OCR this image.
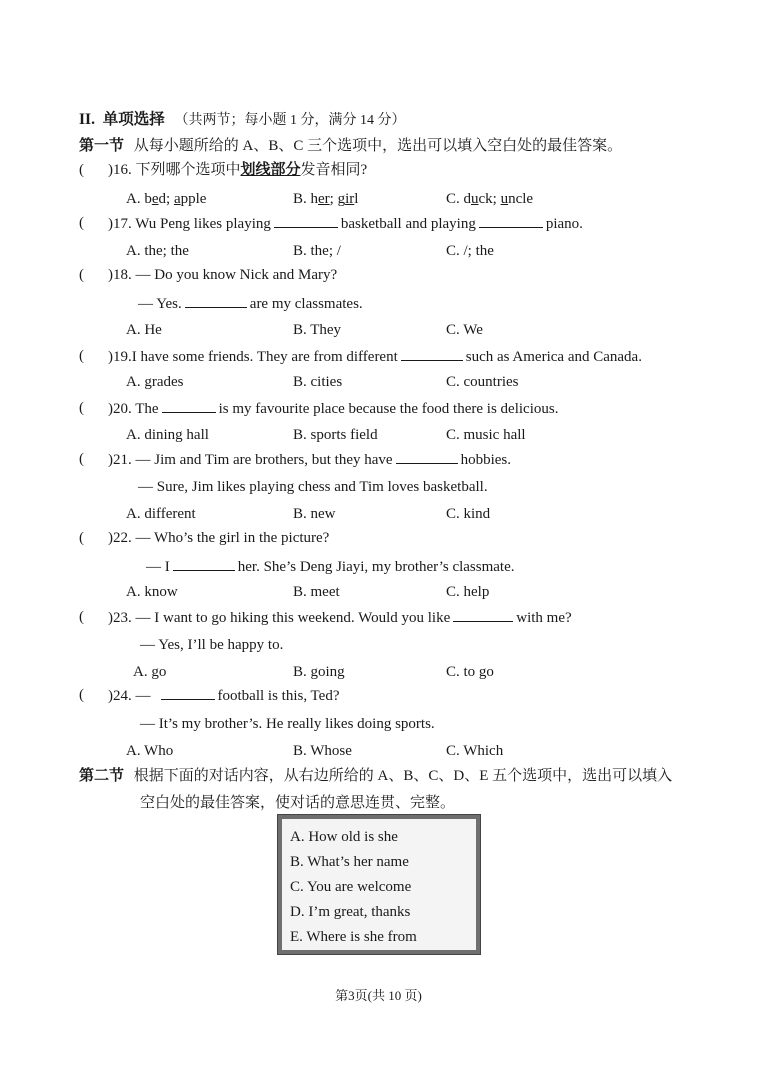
II. 单项选择 （共两节；每小题 1 分，满分 14 分）
第一节 从每小题所给的 A、B、C 三个选项中，选出可以填入空白处的最佳答案。
( )16. 下列哪个选项中划线部分发音相同?
A. bed; apple	B. her; girl	C. duck; uncle
( )17. Wu Peng likes playing	basketball and playing	piano.
A. the; the	B. the; /	C. /; the
( )18. — Do you know Nick and Mary?
— Yes.	are my classmates.
A. He	B. They	C. We
( )19.I have some friends. They are from different	such as America and Canada.
A. grades	B. cities	C. countries
( )20. The	is my favourite place because the food there is delicious.
A. dining hall	B. sports field	C. music hall
( )21. — Jim and Tim are brothers, but they have	hobbies.
— Sure, Jim likes playing chess and Tim loves basketball.
A. different	B. new	C. kind
( )22. — Who’s the girl in the picture?
— I	her. She’s Deng Jiayi, my brother’s classmate.
A. know	B. meet	C. help
( )23. — I want to go hiking this weekend. Would you like	with me?
— Yes, I’ll be happy to.
A. go	B. going	C. to go
( )24. —	football is this, Ted?
— It’s my brother’s. He really likes doing sports.
A. Who	B. Whose	C. Which
第二节 根据下面的对话内容，从右边所给的 A、B、C、D、E 五个选项中，选出可以填入
空白处的最佳答案，使对话的意思连贯、完整。
A. How old is she
B. What’s her name
C. You are welcome
D. I’m great, thanks
E. Where is she from
第3页(共 10 页)
